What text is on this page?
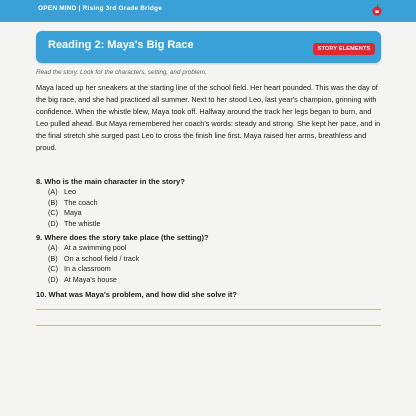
OPEN MIND | Rising 3rd Grade Bridge
Reading 2: Maya's Big Race	STORY ELEMENTS
Read the story. Look for the characters, setting, and problem.
Maya laced up her sneakers at the starting line of the school field. Her heart pounded. This was the day of the big race, and she had practiced all summer. Next to her stood Leo, last year's champion, grinning with confidence. When the whistle blew, Maya took off. Halfway around the track her legs began to burn, and Leo pulled ahead. But Maya remembered her coach's words: steady and strong. She kept her pace, and in the final stretch she surged past Leo to cross the finish line first. Maya raised her arms, breathless and proud.
8. Who is the main character in the story?
(A) Leo
(B) The coach
(C) Maya
(D) The whistle
9. Where does the story take place (the setting)?
(A) At a swimming pool
(B) On a school field / track
(C) In a classroom
(D) At Maya's house
10. What was Maya's problem, and how did she solve it?
